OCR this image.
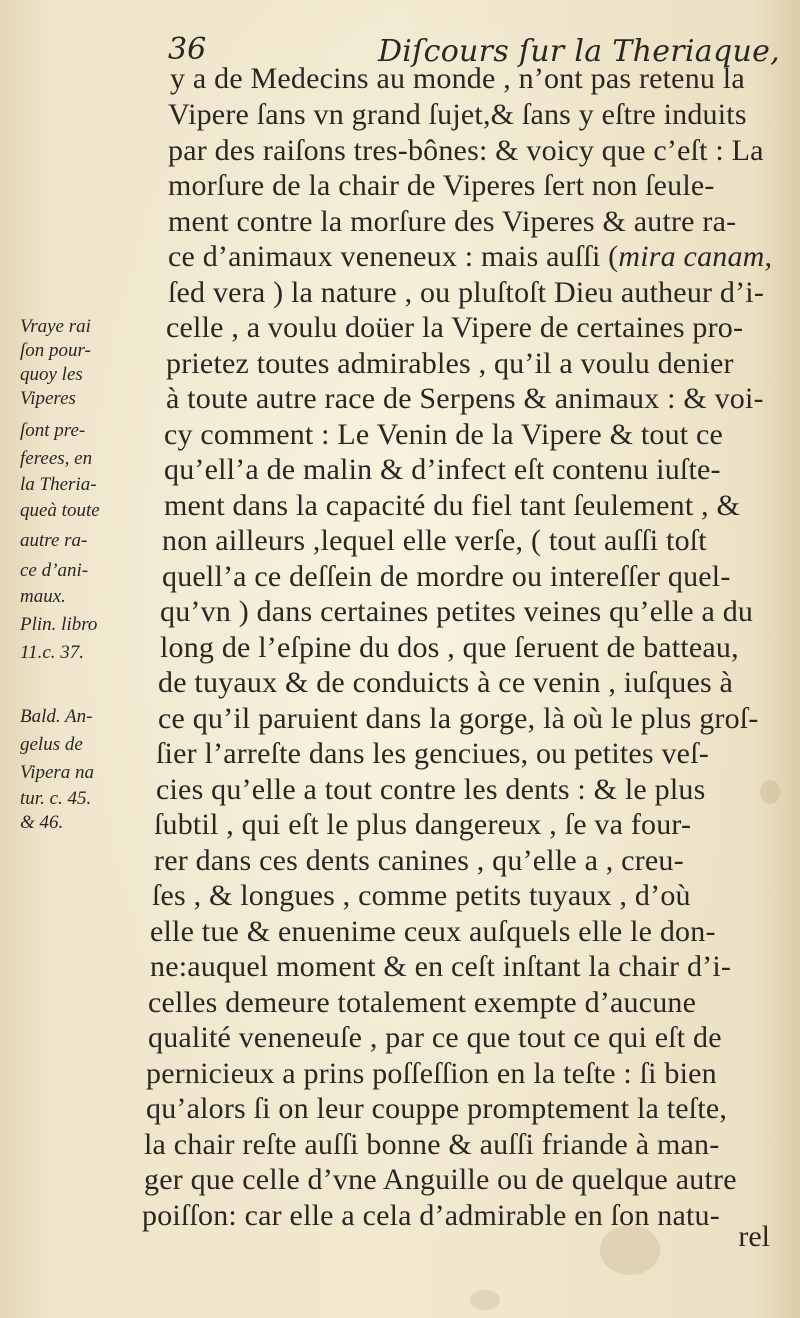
36	Diſcours ſur la Theriaque,
y a de Medecins au monde , n’ont pas retenu la
Vipere ſans vn grand ſujet,& ſans y eſtre induits
par des raiſons tres-bônes: & voicy que c’eſt : La
morſure de la chair de Viperes ſert non ſeule-
ment contre la morſure des Viperes & autre ra-
ce d’animaux veneneux : mais auſſi (mira canam,
ſed vera ) la nature , ou pluſtoſt Dieu autheur d’i-
celle , a voulu doüer la Vipere de certaines pro-
prietez toutes admirables , qu’il a voulu denier
à toute autre race de Serpens & animaux : & voi-
cy comment : Le Venin de la Vipere & tout ce
qu’ell’a de malin & d’infect eſt contenu iuſte-
ment dans la capacité du fiel tant ſeulement , &
non ailleurs ,lequel elle verſe, ( tout auſſi toſt
quell’a ce deſſein de mordre ou intereſſer quel-
qu’vn ) dans certaines petites veines qu’elle a du
long de l’eſpine du dos , que ſeruent de batteau,
de tuyaux & de conduicts à ce venin , iuſques à
ce qu’il paruient dans la gorge, là où le plus groſ-
ſier l’arreſte dans les genciues, ou petites veſ-
cies qu’elle a tout contre les dents : & le plus
ſubtil , qui eſt le plus dangereux , ſe va four-
rer dans ces dents canines , qu’elle a , creu-
ſes , & longues , comme petits tuyaux , d’où
elle tue & enuenime ceux auſquels elle le don-
ne:auquel moment & en ceſt inſtant la chair d’i-
celles demeure totalement exempte d’aucune
qualité veneneuſe , par ce que tout ce qui eſt de
pernicieux a prins poſſeſſion en la teſte : ſi bien
qu’alors ſi on leur couppe promptement la teſte,
la chair reſte auſſi bonne & auſſi friande à man-
ger que celle d’vne Anguille ou de quelque autre
poiſſon: car elle a cela d’admirable en ſon natu-
rel
Vraye rai
ſon pour-
quoy les
Viperes
ſont pre-
ferees, en
la Theria-
queà toute
autre ra-
ce d’ani-
maux.
Plin. libro
11.c. 37.
Bald. An-
gelus de
Vipera na
tur. c. 45.
& 46.
